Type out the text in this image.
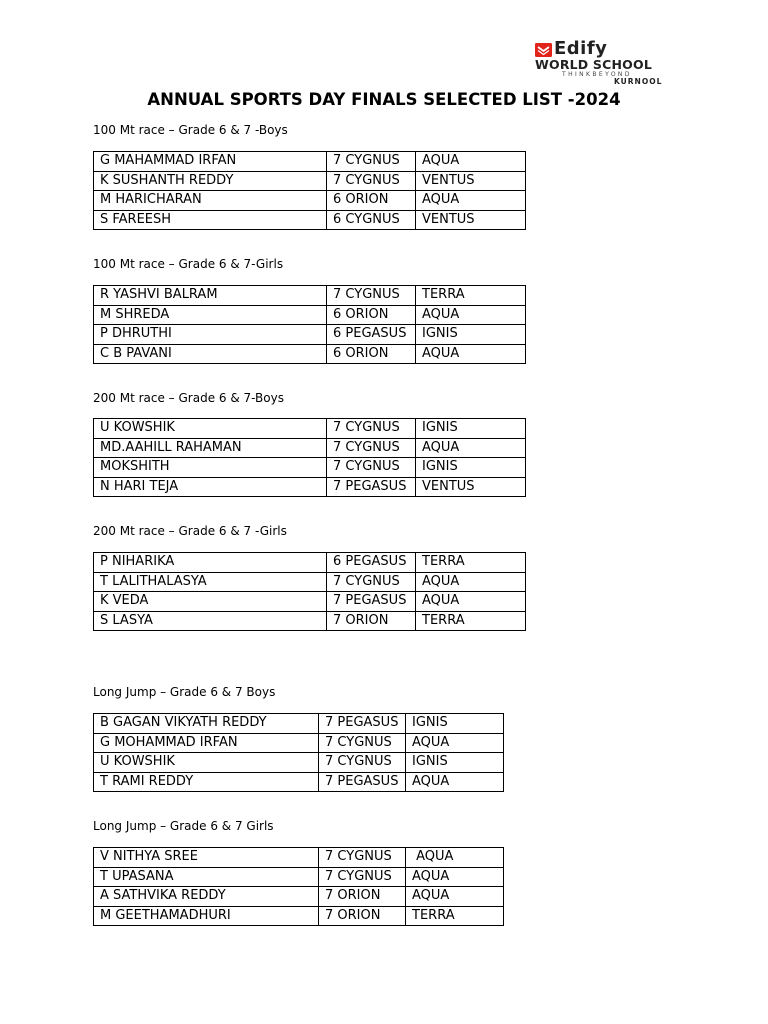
Edify
WORLD SCHOOL
THINKBEYOND
KURNOOL
ANNUAL SPORTS DAY FINALS SELECTED LIST -2024

100 Mt race – Grade 6 & 7 -Boys

G MAHAMMAD IRFAN	7 CYGNUS	AQUA
K SUSHANTH REDDY	7 CYGNUS	VENTUS
M HARICHARAN	6 ORION	AQUA
S FAREESH	6 CYGNUS	VENTUS

100 Mt race – Grade 6 & 7-Girls

R YASHVI BALRAM	7 CYGNUS	TERRA
M SHREDA	6 ORION	AQUA
P DHRUTHI	6 PEGASUS	IGNIS
C B PAVANI	6 ORION	AQUA

200 Mt race – Grade 6 & 7-Boys

U KOWSHIK	7 CYGNUS	IGNIS
MD.AAHILL RAHAMAN	7 CYGNUS	AQUA
MOKSHITH	7 CYGNUS	IGNIS
N HARI TEJA	7 PEGASUS	VENTUS

200 Mt race – Grade 6 & 7 -Girls

P NIHARIKA	6 PEGASUS	TERRA
T LALITHALASYA	7 CYGNUS	AQUA
K VEDA	7 PEGASUS	AQUA
S LASYA	7 ORION	TERRA

Long Jump – Grade 6 & 7 Boys

B GAGAN VIKYATH REDDY	7 PEGASUS	IGNIS
G MOHAMMAD IRFAN	7 CYGNUS	AQUA
U KOWSHIK	7 CYGNUS	IGNIS
T RAMI REDDY	7 PEGASUS	AQUA

Long Jump – Grade 6 & 7 Girls

V NITHYA SREE	7 CYGNUS	AQUA
T UPASANA	7 CYGNUS	AQUA
A SATHVIKA REDDY	7 ORION	AQUA
M GEETHAMADHURI	7 ORION	TERRA
